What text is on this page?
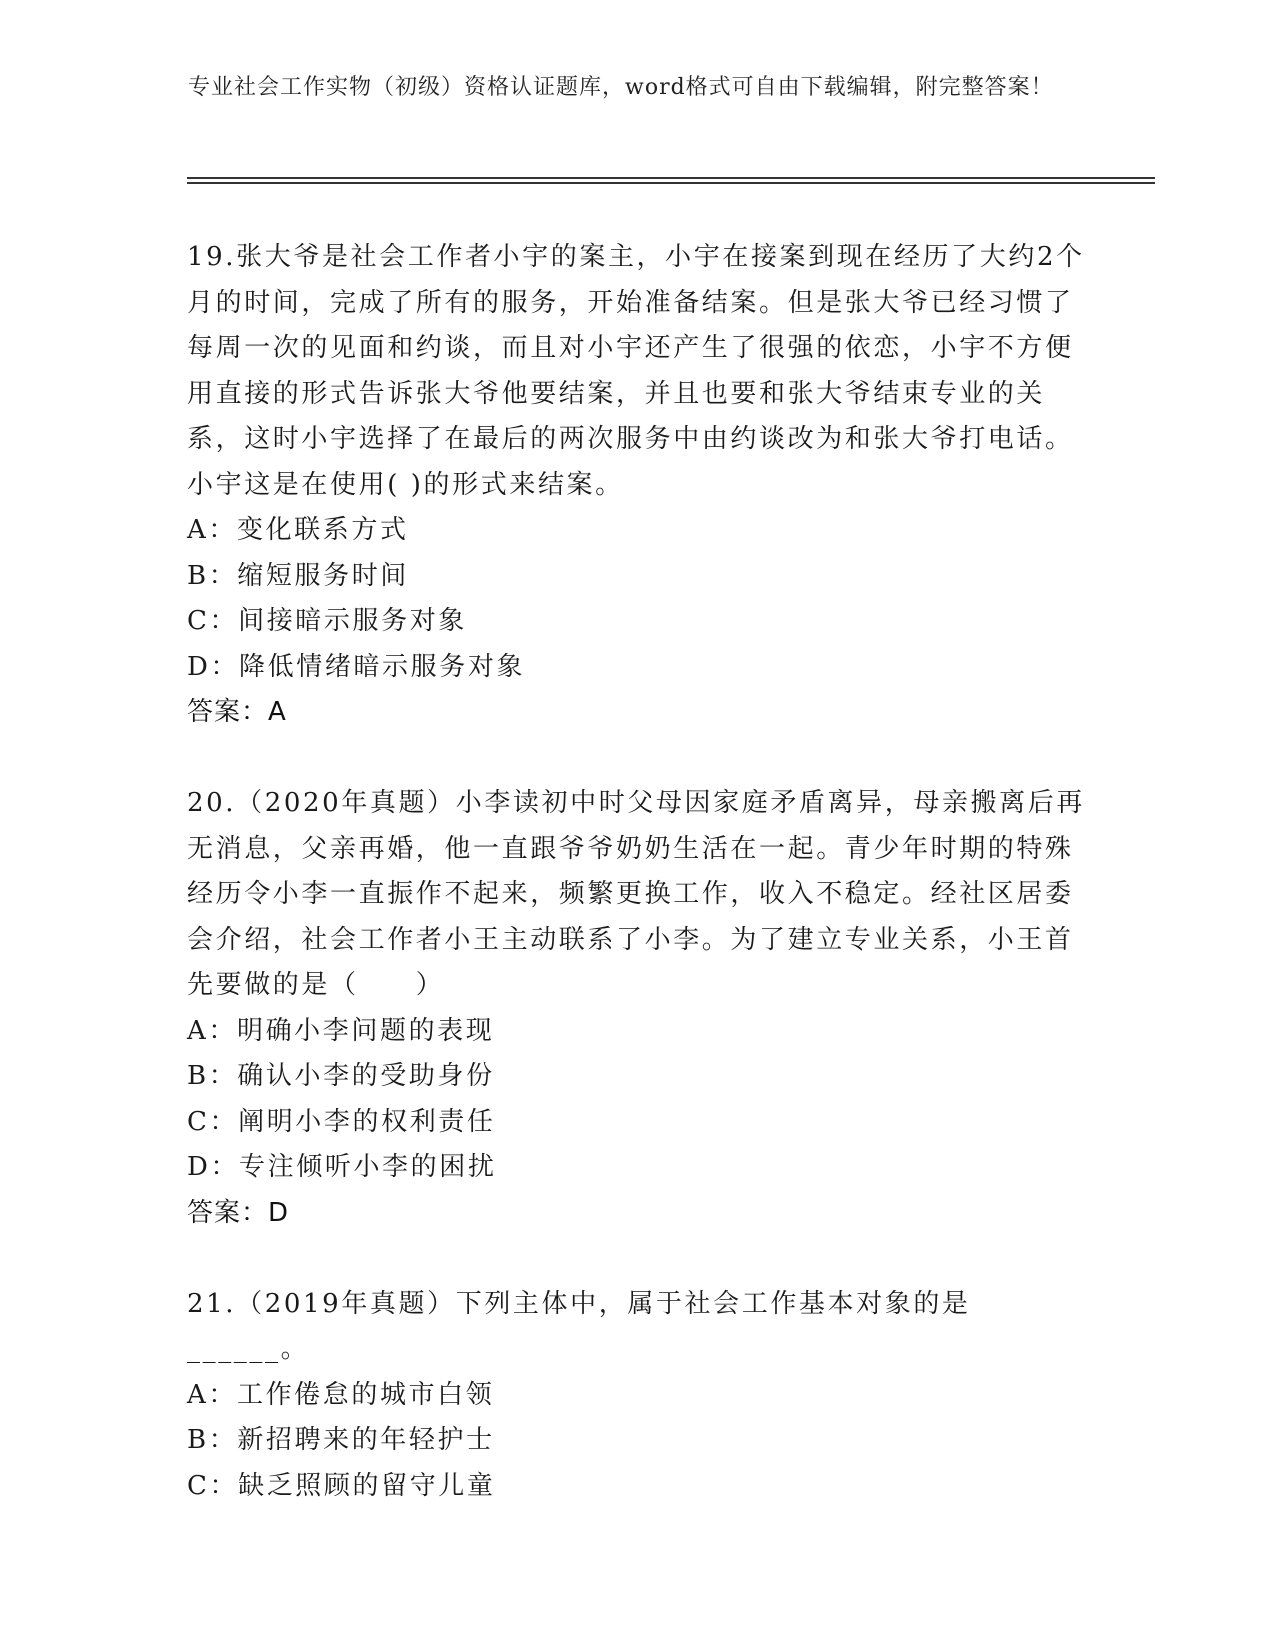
专业社会工作实物（初级）资格认证题库，word格式可自由下载编辑，附完整答案！
19.张大爷是社会工作者小宇的案主，小宇在接案到现在经历了大约2个月的时间，完成了所有的服务，开始准备结案。但是张大爷已经习惯了每周一次的见面和约谈，而且对小宇还产生了很强的依恋，小宇不方便用直接的形式告诉张大爷他要结案，并且也要和张大爷结束专业的关系，这时小宇选择了在最后的两次服务中由约谈改为和张大爷打电话。小宇这是在使用( )的形式来结案。
A：变化联系方式
B：缩短服务时间
C：间接暗示服务对象
D：降低情绪暗示服务对象
答案：A
20.（2020年真题）小李读初中时父母因家庭矛盾离异，母亲搬离后再无消息，父亲再婚，他一直跟爷爷奶奶生活在一起。青少年时期的特殊经历令小李一直振作不起来，频繁更换工作，收入不稳定。经社区居委会介绍，社会工作者小王主动联系了小李。为了建立专业关系，小王首先要做的是（　　）
A：明确小李问题的表现
B：确认小李的受助身份
C：阐明小李的权利责任
D：专注倾听小李的困扰
答案：D
21.（2019年真题）下列主体中，属于社会工作基本对象的是______。
A：工作倦怠的城市白领
B：新招聘来的年轻护士
C：缺乏照顾的留守儿童
